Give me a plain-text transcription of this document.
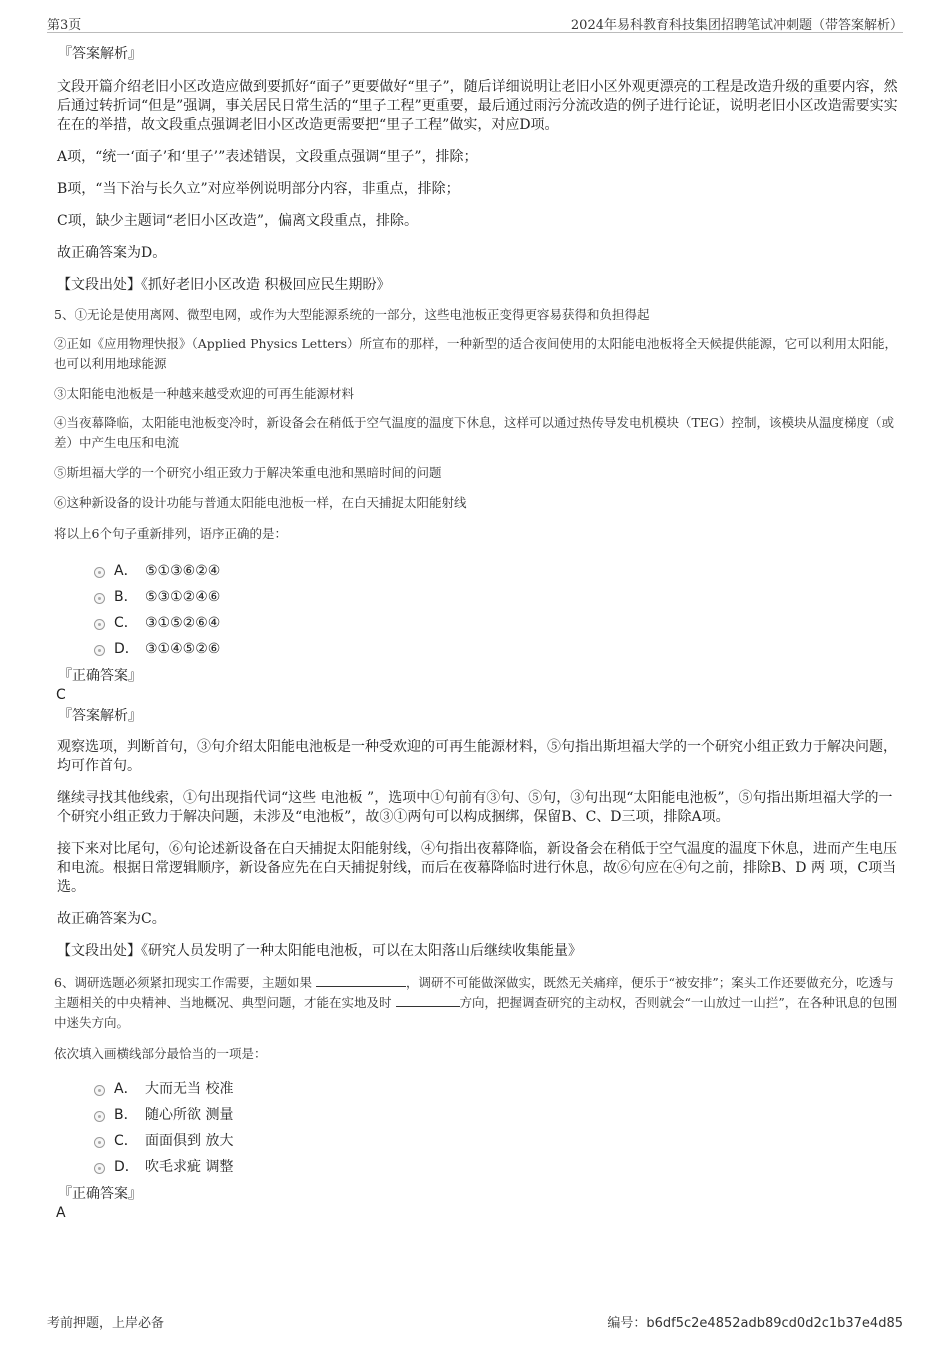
第3页	2024年易科教育科技集团招聘笔试冲刺题（带答案解析）
『答案解析』

文段开篇介绍老旧小区改造应做到要抓好“面子”更要做好“里子”，随后详细说明让老旧小区外观更漂亮的工程是改造升级的重要内容，然后通过转折词“但是”强调，事关居民日常生活的“里子工程”更重要，最后通过雨污分流改造的例子进行论证，说明老旧小区改造需要实实在在的举措，故文段重点强调老旧小区改造更需要把“里子工程”做实，对应D项。

A项，“统一‘面子’和‘里子’”表述错误，文段重点强调“里子”，排除；

B项，“当下治与长久立”对应举例说明部分内容，非重点，排除；

C项，缺少主题词“老旧小区改造”，偏离文段重点，排除。

故正确答案为D。

【文段出处】《抓好老旧小区改造 积极回应民生期盼》

5、①无论是使用离网、微型电网，或作为大型能源系统的一部分，这些电池板正变得更容易获得和负担得起

②正如《应用物理快报》（Applied Physics Letters）所宣布的那样，一种新型的适合夜间使用的太阳能电池板将全天候提供能源，它可以利用太阳能，也可以利用地球能源

③太阳能电池板是一种越来越受欢迎的可再生能源材料

④当夜幕降临，太阳能电池板变冷时，新设备会在稍低于空气温度的温度下休息，这样可以通过热传导发电机模块（TEG）控制，该模块从温度梯度（或差）中产生电压和电流

⑤斯坦福大学的一个研究小组正致力于解决笨重电池和黑暗时间的问题

⑥这种新设备的设计功能与普通太阳能电池板一样，在白天捕捉太阳能射线

将以上6个句子重新排列，语序正确的是：

A． ⑤①③⑥②④
B． ⑤③①②④⑥
C． ③①⑤②⑥④
D． ③①④⑤②⑥
『正确答案』
C
『答案解析』

观察选项，判断首句，③句介绍太阳能电池板是一种受欢迎的可再生能源材料，⑤句指出斯坦福大学的一个研究小组正致力于解决问题，均可作首句。

继续寻找其他线索，①句出现指代词“这些 电池板 ”，选项中①句前有③句、⑤句，③句出现“太阳能电池板”，⑤句指出斯坦福大学的一个研究小组正致力于解决问题，未涉及“电池板”，故③①两句可以构成捆绑，保留B、C、D三项，排除A项。

接下来对比尾句，⑥句论述新设备在白天捕捉太阳能射线，④句指出夜幕降临，新设备会在稍低于空气温度的温度下休息，进而产生电压和电流。根据日常逻辑顺序，新设备应先在白天捕捉射线，而后在夜幕降临时进行休息，故⑥句应在④句之前，排除B、D 两 项，C项当选。

故正确答案为C。

【文段出处】《研究人员发明了一种太阳能电池板，可以在太阳落山后继续收集能量》

6、调研选题必须紧扣现实工作需要，主题如果	，调研不可能做深做实，既然无关痛痒，便乐于“被安排”；案头工作还要做充分，吃透与主题相关的中央精神、当地概况、典型问题，才能在实地及时	方向，把握调查研究的主动权，否则就会“一山放过一山拦”，在各种讯息的包围中迷失方向。

依次填入画横线部分最恰当的一项是：

A． 大而无当 校准
B． 随心所欲 测量
C． 面面俱到 放大
D． 吹毛求疵 调整
『正确答案』
A
考前押题，上岸必备	编号：b6df5c2e4852adb89cd0d2c1b37e4d85
